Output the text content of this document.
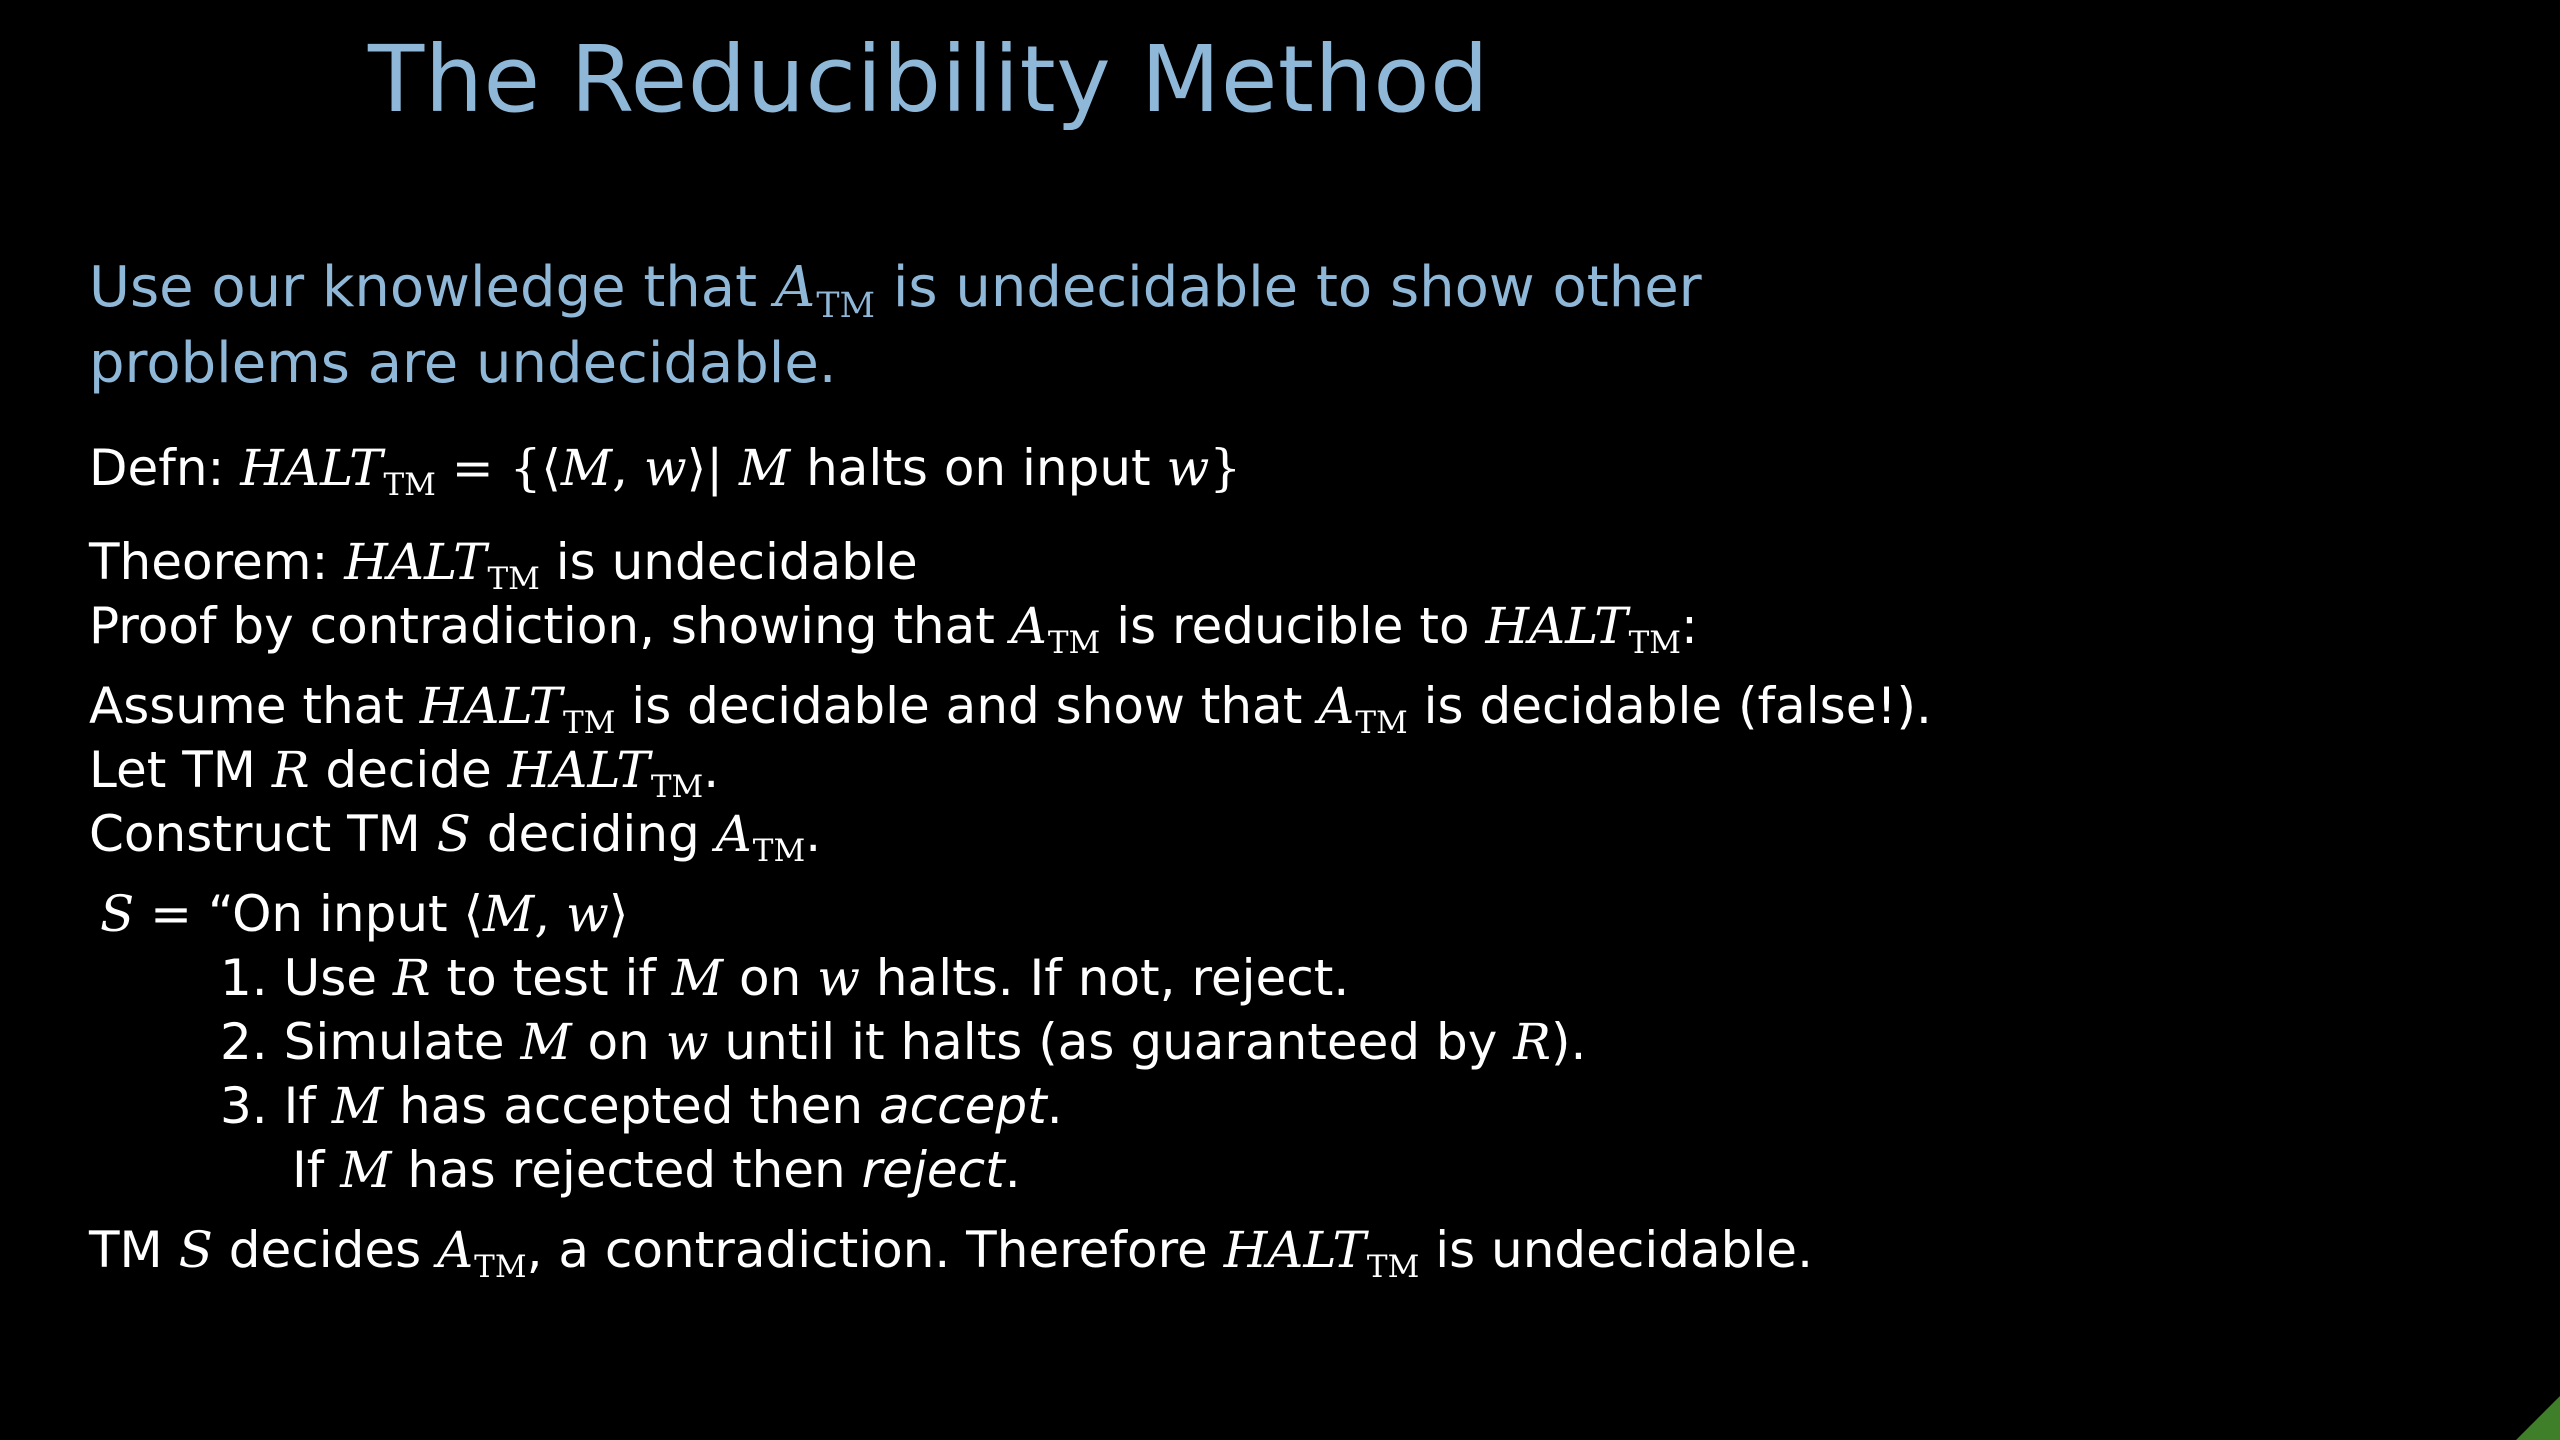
The Reducibility Method
Use our knowledge that ATM is undecidable to show other
problems are undecidable.
Defn: HALTTM = {⟨M, w⟩| M halts on input w}
Theorem: HALTTM is undecidable
Proof by contradiction, showing that ATM is reducible to HALTTM:
Assume that HALTTM is decidable and show that ATM is decidable (false!).
Let TM R decide HALTTM.
Construct TM S deciding ATM.
S = “On input ⟨M, w⟩
1. Use R to test if M on w halts. If not, reject.
2. Simulate M on w until it halts (as guaranteed by R).
3. If M has accepted then accept.
If M has rejected then reject.
TM S decides ATM, a contradiction. Therefore HALTTM is undecidable.
